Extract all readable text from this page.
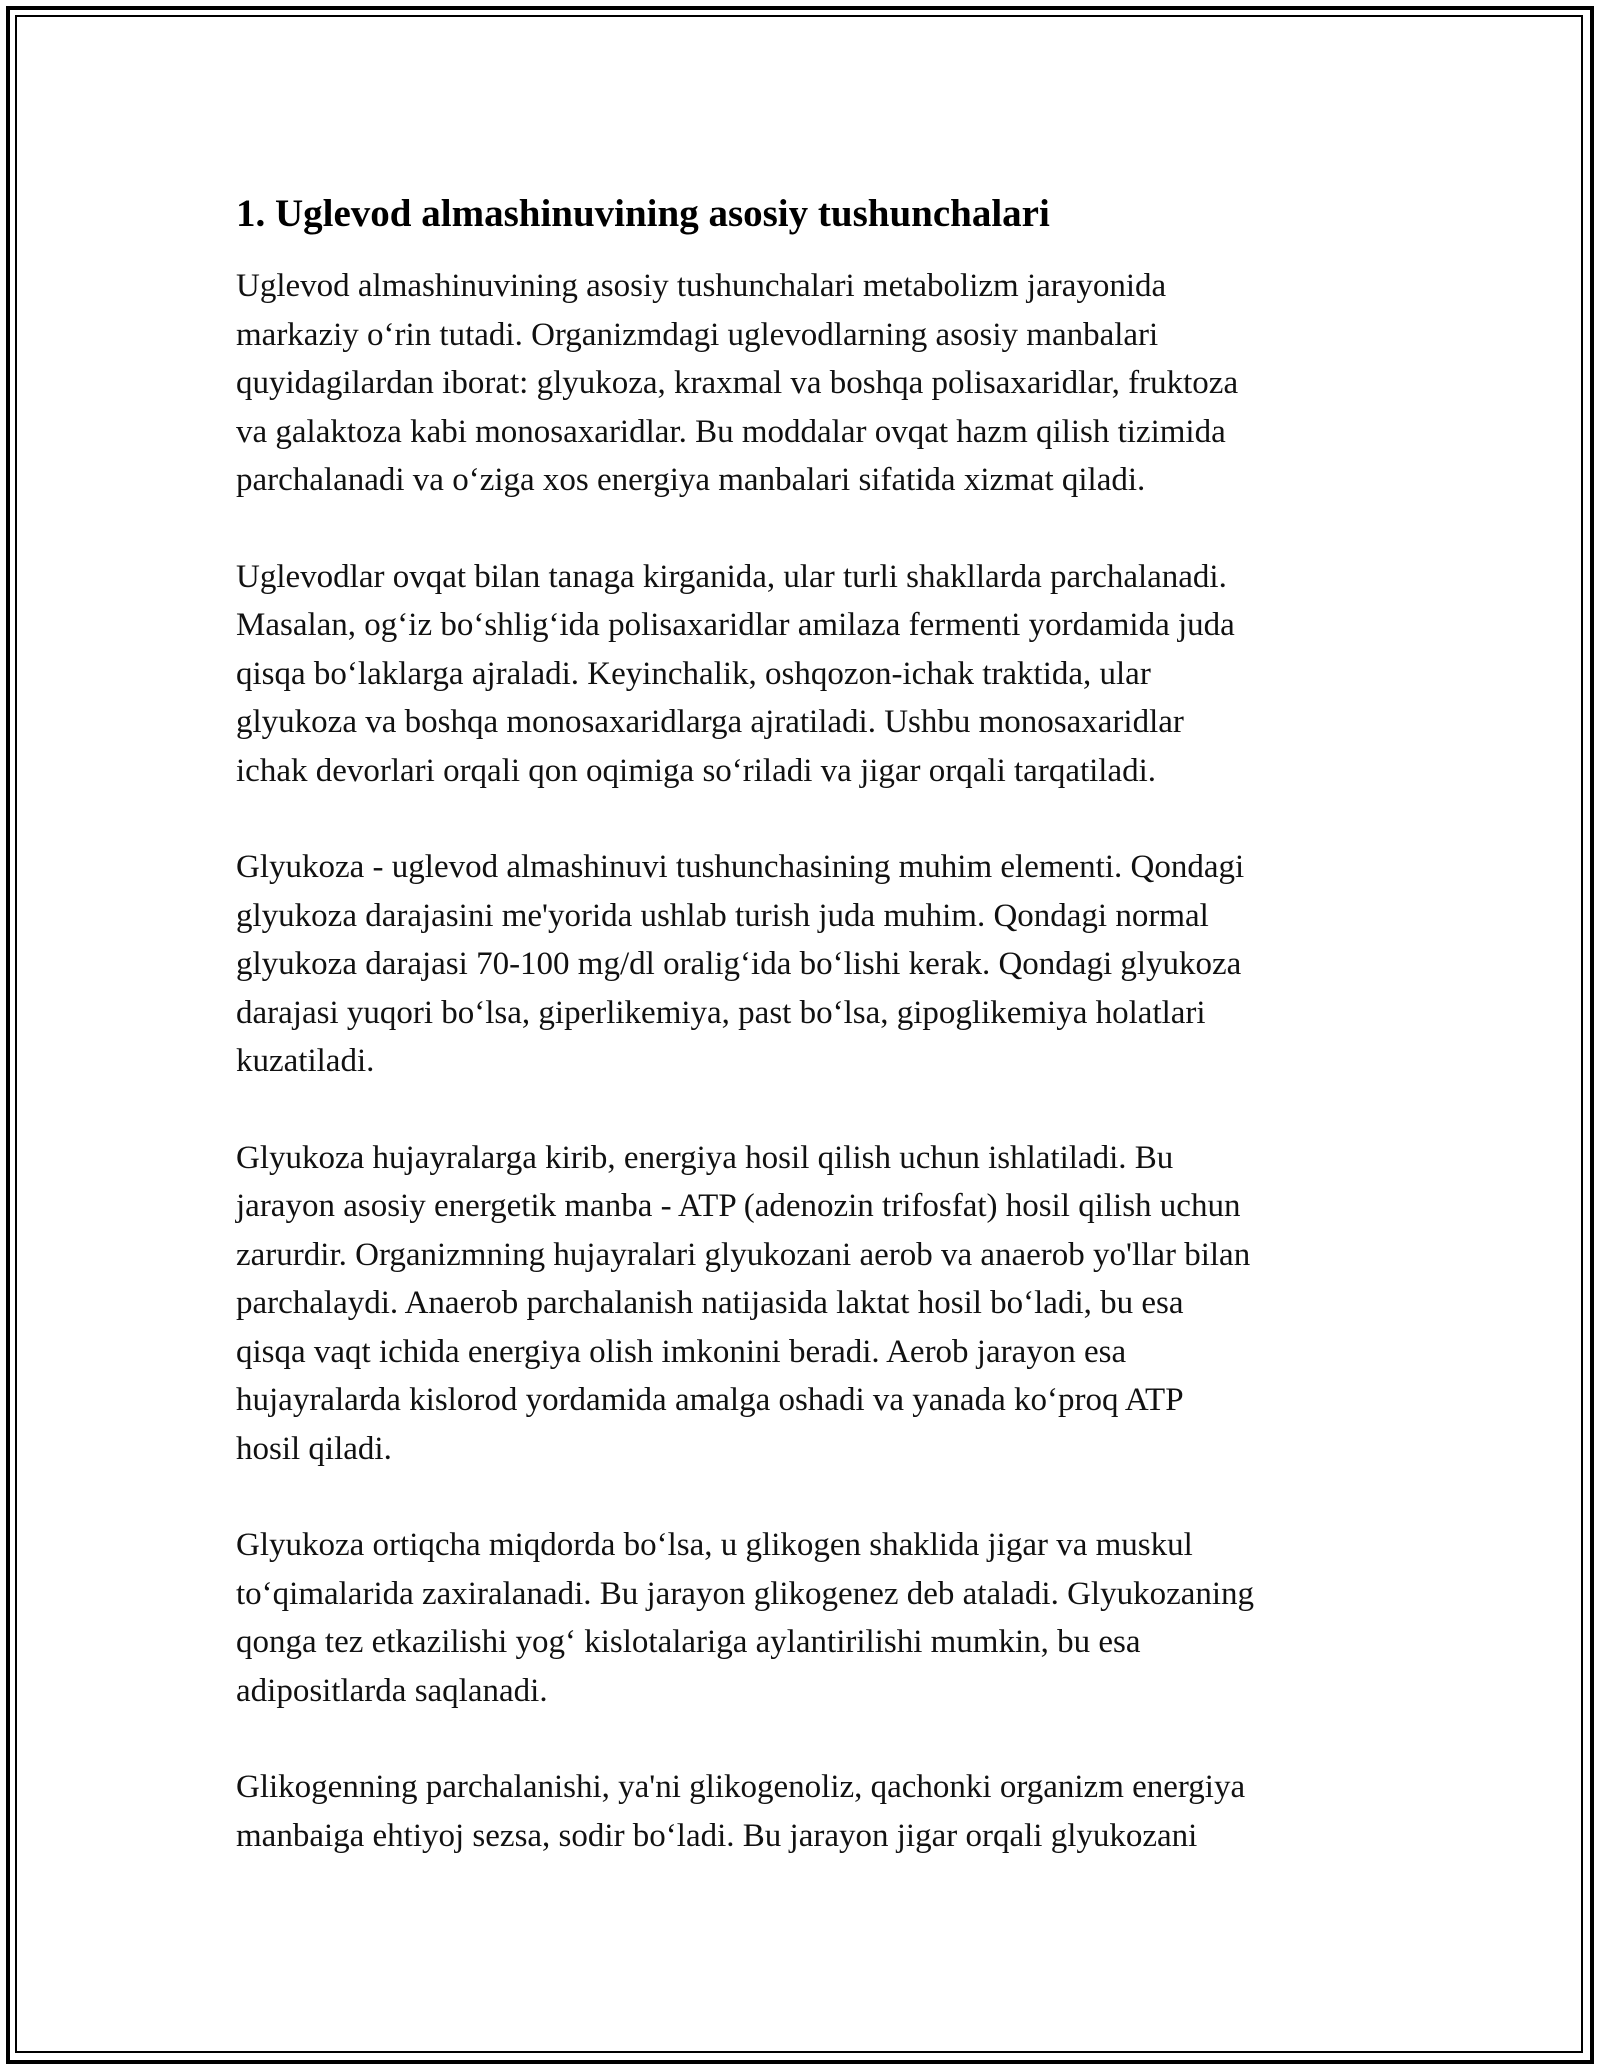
1. Uglevod almashinuvining asosiy tushunchalari

Uglevod almashinuvining asosiy tushunchalari metabolizm jarayonida
markaziy o‘rin tutadi. Organizmdagi uglevodlarning asosiy manbalari
quyidagilardan iborat: glyukoza, kraxmal va boshqa polisaxaridlar, fruktoza
va galaktoza kabi monosaxaridlar. Bu moddalar ovqat hazm qilish tizimida
parchalanadi va o‘ziga xos energiya manbalari sifatida xizmat qiladi.

Uglevodlar ovqat bilan tanaga kirganida, ular turli shakllarda parchalanadi.
Masalan, og‘iz bo‘shlig‘ida polisaxaridlar amilaza fermenti yordamida juda
qisqa bo‘laklarga ajraladi. Keyinchalik, oshqozon-ichak traktida, ular
glyukoza va boshqa monosaxaridlarga ajratiladi. Ushbu monosaxaridlar
ichak devorlari orqali qon oqimiga so‘riladi va jigar orqali tarqatiladi.

Glyukoza - uglevod almashinuvi tushunchasining muhim elementi. Qondagi
glyukoza darajasini me'yorida ushlab turish juda muhim. Qondagi normal
glyukoza darajasi 70-100 mg/dl oralig‘ida bo‘lishi kerak. Qondagi glyukoza
darajasi yuqori bo‘lsa, giperlikemiya, past bo‘lsa, gipoglikemiya holatlari
kuzatiladi.

Glyukoza hujayralarga kirib, energiya hosil qilish uchun ishlatiladi. Bu
jarayon asosiy energetik manba - ATP (adenozin trifosfat) hosil qilish uchun
zarurdir. Organizmning hujayralari glyukozani aerob va anaerob yo'llar bilan
parchalaydi. Anaerob parchalanish natijasida laktat hosil bo‘ladi, bu esa
qisqa vaqt ichida energiya olish imkonini beradi. Aerob jarayon esa
hujayralarda kislorod yordamida amalga oshadi va yanada ko‘proq ATP
hosil qiladi.

Glyukoza ortiqcha miqdorda bo‘lsa, u glikogen shaklida jigar va muskul
to‘qimalarida zaxiralanadi. Bu jarayon glikogenez deb ataladi. Glyukozaning
qonga tez etkazilishi yog‘ kislotalariga aylantirilishi mumkin, bu esa
adipositlarda saqlanadi.

Glikogenning parchalanishi, ya'ni glikogenoliz, qachonki organizm energiya
manbaiga ehtiyoj sezsa, sodir bo‘ladi. Bu jarayon jigar orqali glyukozani
